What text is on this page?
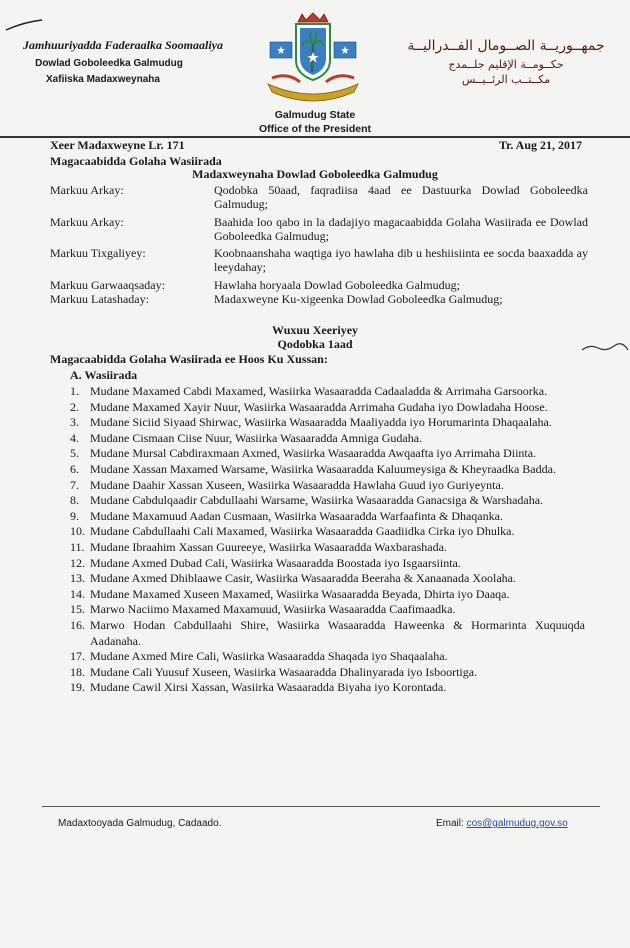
Jamhuuriyadda Faderaalka Soomaaliya
Dowlad Goboleedka Galmudug
Xafiiska Madaxweynaha
جمهــوريــة الصــومال الفــدراليــة
حكــومــة الإقليم جلــمدج
مكــتــب الرئــيــس
Galmudug State
Office of the President
Xeer Madaxweyne Lr. 171	Tr. Aug 21, 2017
Magacaabidda Golaha Wasiirada
Madaxweynaha Dowlad Goboleedka Galmudug
Markuu Arkay:	Qodobka 50aad, faqradiisa 4aad ee Dastuurka Dowlad Goboleedka Galmudug;
Markuu Arkay:	Baahida loo qabo in la dadajiyo magacaabidda Golaha Wasiirada ee Dowlad Goboleedka Galmudug;
Markuu Tixgaliyey:	Koobnaanshaha waqtiga iyo hawlaha dib u heshiisiinta ee socda baaxadda ay leeydahay;
Markuu Garwaaqsaday:	Hawlaha horyaala Dowlad Goboleedka Galmudug;
Markuu Latashaday:	Madaxweyne Ku-xigeenka Dowlad Goboleedka Galmudug;
Wuxuu Xeeriyey
Qodobka 1aad
Magacaabidda Golaha Wasiirada ee Hoos Ku Xussan:
A. Wasiirada
1. Mudane Maxamed Cabdi Maxamed, Wasiirka Wasaaradda Cadaaladda & Arrimaha Garsoorka.
2. Mudane Maxamed Xayir Nuur, Wasiirka Wasaaradda Arrimaha Gudaha iyo Dowladaha Hoose.
3. Mudane Siciid Siyaad Shirwac, Wasiirka Wasaaradda Maaliyadda iyo Horumarinta Dhaqaalaha.
4. Mudane Cismaan Ciise Nuur, Wasiirka Wasaaradda Amniga Gudaha.
5. Mudane Mursal Cabdiraxmaan Axmed, Wasiirka Wasaaradda Awqaafta iyo Arrimaha Diinta.
6. Mudane Xassan Maxamed Warsame, Wasiirka Wasaaradda Kaluumeysiga & Kheyraadka Badda.
7. Mudane Daahir Xassan Xuseen, Wasiirka Wasaaradda Hawlaha Guud iyo Guriyeynta.
8. Mudane Cabdulqaadir Cabdullaahi Warsame, Wasiirka Wasaaradda Ganacsiga & Warshadaha.
9. Mudane Maxamuud Aadan Cusmaan, Wasiirka Wasaaradda Warfaafinta & Dhaqanka.
10. Mudane Cabdullaahi Cali Maxamed, Wasiirka Wasaaradda Gaadiidka Cirka iyo Dhulka.
11. Mudane Ibraahim Xassan Guureeye, Wasiirka Wasaaradda Waxbarashada.
12. Mudane Axmed Dubad Cali, Wasiirka Wasaaradda Boostada iyo Isgaarsiinta.
13. Mudane Axmed Dhiblaawe Casir, Wasiirka Wasaaradda Beeraha & Xanaanada Xoolaha.
14. Mudane Maxamed Xuseen Maxamed, Wasiirka Wasaaradda Beyada, Dhirta iyo Daaqa.
15. Marwo Naciimo Maxamed Maxamuud, Wasiirka Wasaaradda Caafimaadka.
16. Marwo Hodan Cabdullaahi Shire, Wasiirka Wasaaradda Haweenka & Hormarinta Xuquuqda Aadanaha.
17. Mudane Axmed Mire Cali, Wasiirka Wasaaradda Shaqada iyo Shaqaalaha.
18. Mudane Cali Yuusuf Xuseen, Wasiirka Wasaaradda Dhalinyarada iyo Isboortiga.
19. Mudane Cawil Xirsi Xassan, Wasiirka Wasaaradda Biyaha iyo Korontada.
Madaxtooyada Galmudug, Cadaado.	Email: cos@galmudug.gov.so
